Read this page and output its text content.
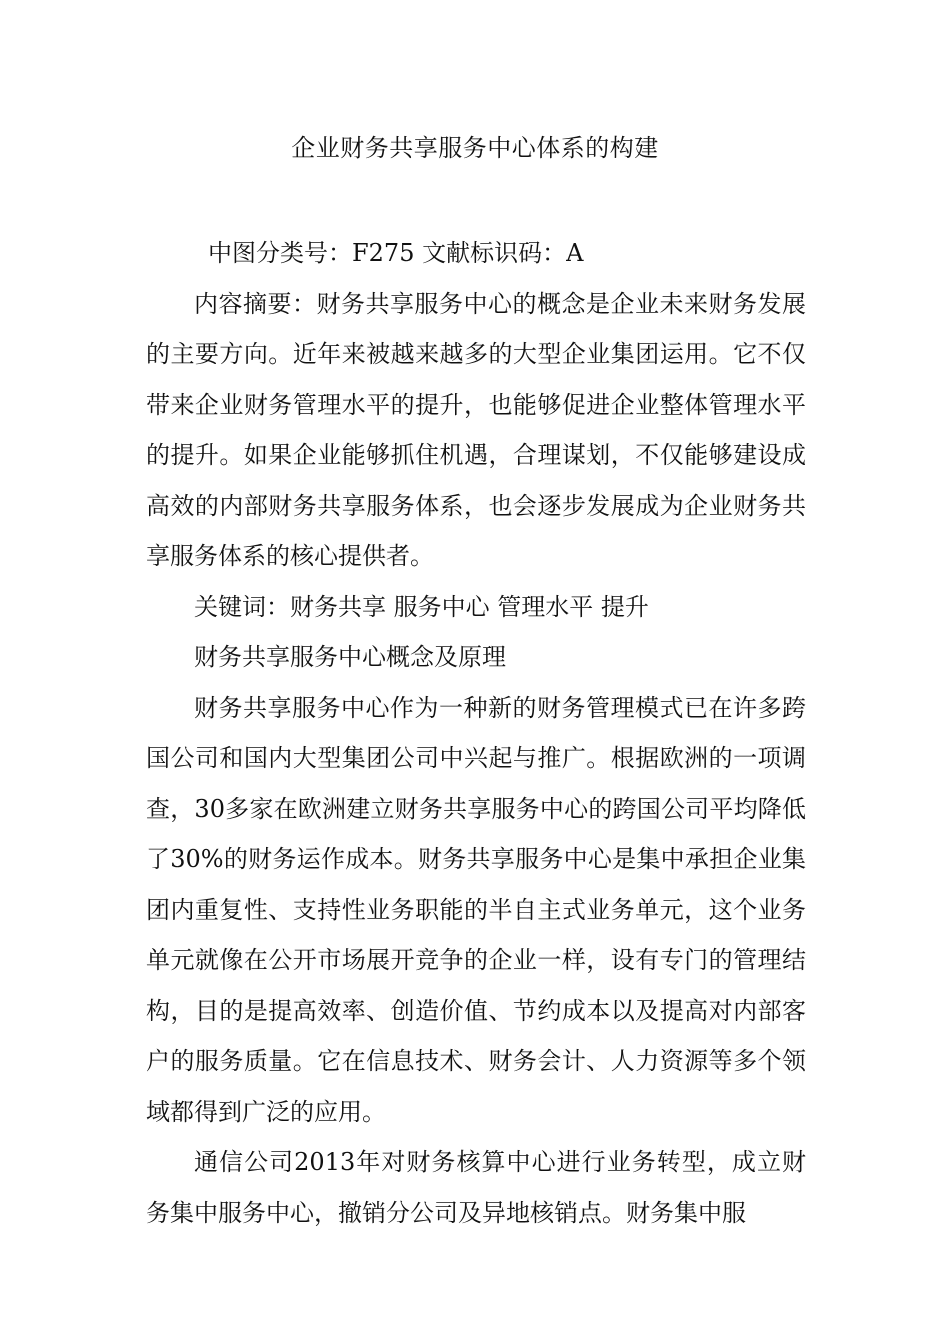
企业财务共享服务中心体系的构建

中图分类号：F275 文献标识码：A

内容摘要：财务共享服务中心的概念是企业未来财务发展的主要方向。近年来被越来越多的大型企业集团运用。它不仅带来企业财务管理水平的提升，也能够促进企业整体管理水平的提升。如果企业能够抓住机遇，合理谋划，不仅能够建设成高效的内部财务共享服务体系，也会逐步发展成为企业财务共享服务体系的核心提供者。

关键词：财务共享 服务中心 管理水平 提升

财务共享服务中心概念及原理

财务共享服务中心作为一种新的财务管理模式已在许多跨国公司和国内大型集团公司中兴起与推广。根据欧洲的一项调查，30多家在欧洲建立财务共享服务中心的跨国公司平均降低了30%的财务运作成本。财务共享服务中心是集中承担企业集团内重复性、支持性业务职能的半自主式业务单元，这个业务单元就像在公开市场展开竞争的企业一样，设有专门的管理结构，目的是提高效率、创造价值、节约成本以及提高对内部客户的服务质量。它在信息技术、财务会计、人力资源等多个领域都得到广泛的应用。

通信公司2013年对财务核算中心进行业务转型，成立财务集中服务中心，撤销分公司及异地核销点。财务集中服
